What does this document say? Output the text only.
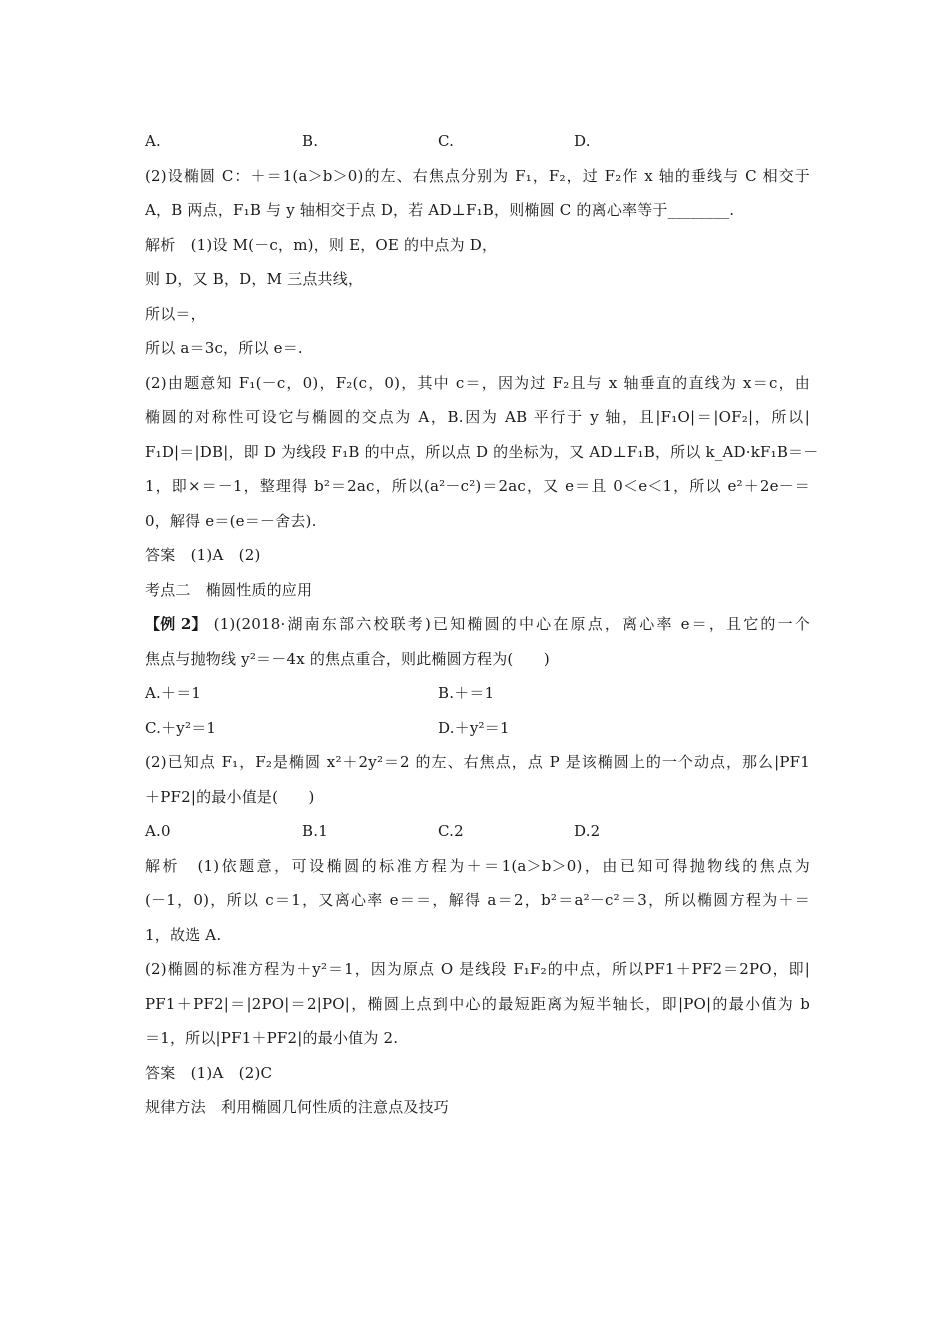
A.	B.	C.	D.
(2)设椭圆 C：＋＝1(a＞b＞0)的左、右焦点分别为 F₁，F₂，过 F₂作 x 轴的垂线与 C 相交于
A，B 两点，F₁B 与 y 轴相交于点 D，若 AD⊥F₁B，则椭圆 C 的离心率等于________.
解析　(1)设 M(－c，m)，则 E，OE 的中点为 D，
则 D，又 B，D，M 三点共线，
所以＝，
所以 a＝3c，所以 e＝.
(2)由题意知 F₁(－c，0)，F₂(c，0)，其中 c＝，因为过 F₂且与 x 轴垂直的直线为 x＝c，由
椭圆的对称性可设它与椭圆的交点为 A，B.因为 AB 平行于 y 轴，且|F₁O|＝|OF₂|，所以|
F₁D|＝|DB|，即 D 为线段 F₁B 的中点，所以点 D 的坐标为，又 AD⊥F₁B，所以 k_AD·kF₁B＝－
1，即×＝－1，整理得 b²＝2ac，所以(a²－c²)＝2ac，又 e＝且 0＜e＜1，所以 e²＋2e－＝
0，解得 e＝(e＝－舍去).
答案　(1)A　(2)
考点二　椭圆性质的应用
【例 2】 (1)(2018·湖南东部六校联考)已知椭圆的中心在原点，离心率 e＝，且它的一个
焦点与抛物线 y²＝－4x 的焦点重合，则此椭圆方程为(　　)
A.＋＝1	B.＋＝1
C.＋y²＝1	D.＋y²＝1
(2)已知点 F₁，F₂是椭圆 x²＋2y²＝2 的左、右焦点，点 P 是该椭圆上的一个动点，那么|PF1
＋PF2|的最小值是(　　)
A.0	B.1	C.2	D.2
解析　(1)依题意，可设椭圆的标准方程为＋＝1(a＞b＞0)，由已知可得抛物线的焦点为
(－1，0)，所以 c＝1，又离心率 e＝＝，解得 a＝2，b²＝a²－c²＝3，所以椭圆方程为＋＝
1，故选 A.
(2)椭圆的标准方程为＋y²＝1，因为原点 O 是线段 F₁F₂的中点，所以PF1＋PF2＝2PO，即|
PF1＋PF2|＝|2PO|＝2|PO|，椭圆上点到中心的最短距离为短半轴长，即|PO|的最小值为 b
＝1，所以|PF1＋PF2|的最小值为 2.
答案　(1)A　(2)C
规律方法　利用椭圆几何性质的注意点及技巧
